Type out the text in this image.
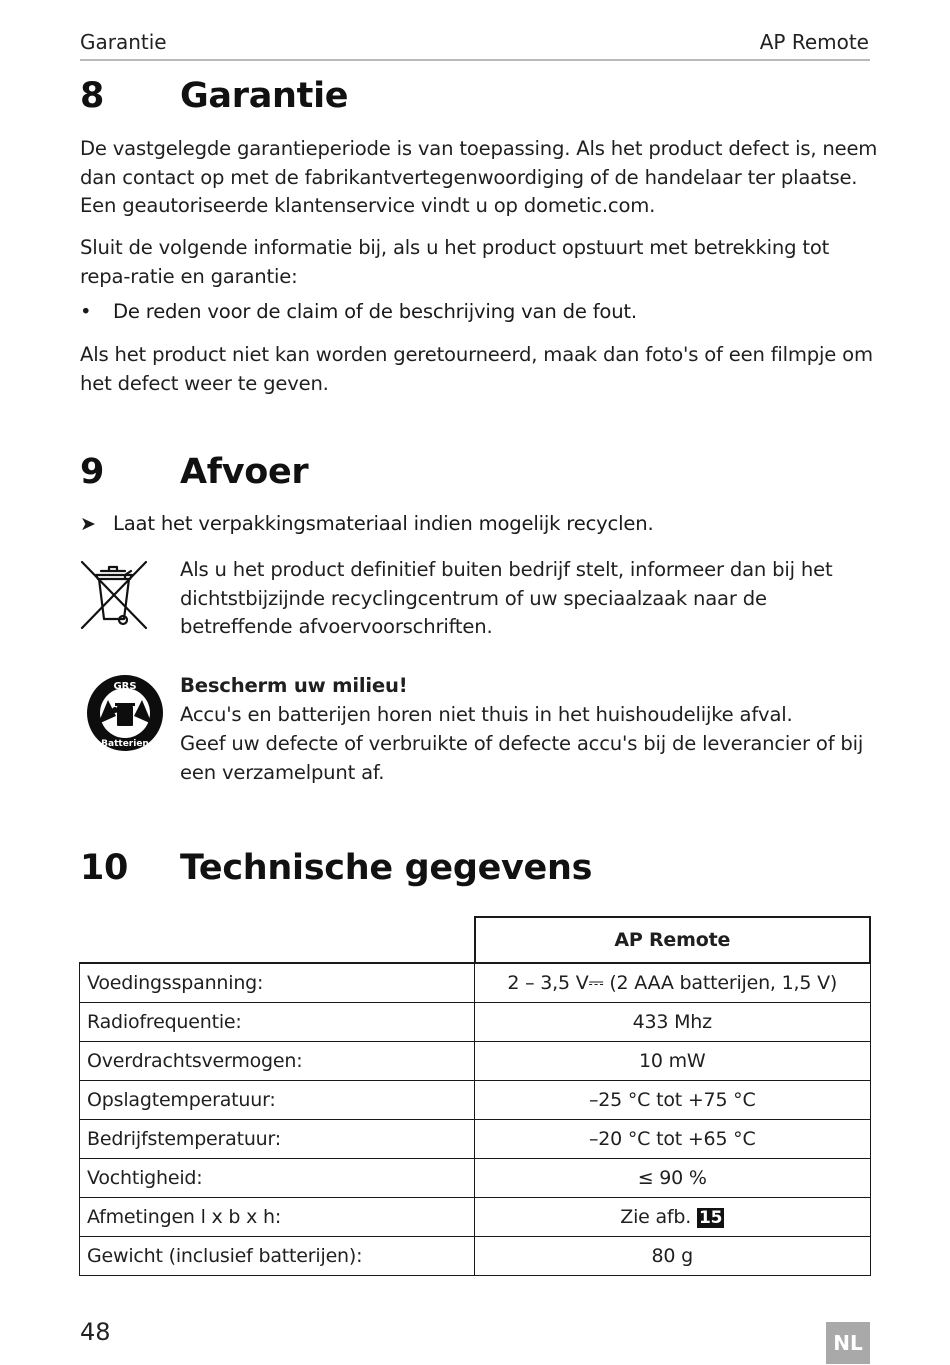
Garantie	AP Remote
8 Garantie
De vastgelegde garantieperiode is van toepassing. Als het product defect is, neem dan contact op met de fabrikantvertegenwoordiging of de handelaar ter plaatse. Een geautoriseerde klantenservice vindt u op dometic.com.
Sluit de volgende informatie bij, als u het product opstuurt met betrekking tot repa-ratie en garantie:
• De reden voor de claim of de beschrijving van de fout.
Als het product niet kan worden geretourneerd, maak dan foto's of een filmpje om het defect weer te geven.
9 Afvoer
➤ Laat het verpakkingsmateriaal indien mogelijk recyclen.
Als u het product definitief buiten bedrijf stelt, informeer dan bij het dichtstbijzijnde recyclingcentrum of uw speciaalzaak naar de betreffende afvoervoorschriften.
GRS
Batterien
Bescherm uw milieu!
Accu's en batterijen horen niet thuis in het huishoudelijke afval.
Geef uw defecte of verbruikte of defecte accu's bij de leverancier of bij een verzamelpunt af.
10 Technische gegevens
	AP Remote
Voedingsspanning:	2 – 3,5 V⎓ (2 AAA batterijen, 1,5 V)
Radiofrequentie:	433 Mhz
Overdrachtsvermogen:	10 mW
Opslagtemperatuur:	–25 °C tot +75 °C
Bedrijfstemperatuur:	–20 °C tot +65 °C
Vochtigheid:	≤ 90 %
Afmetingen l x b x h:	Zie afb. 15
Gewicht (inclusief batterijen):	80 g
48	NL
